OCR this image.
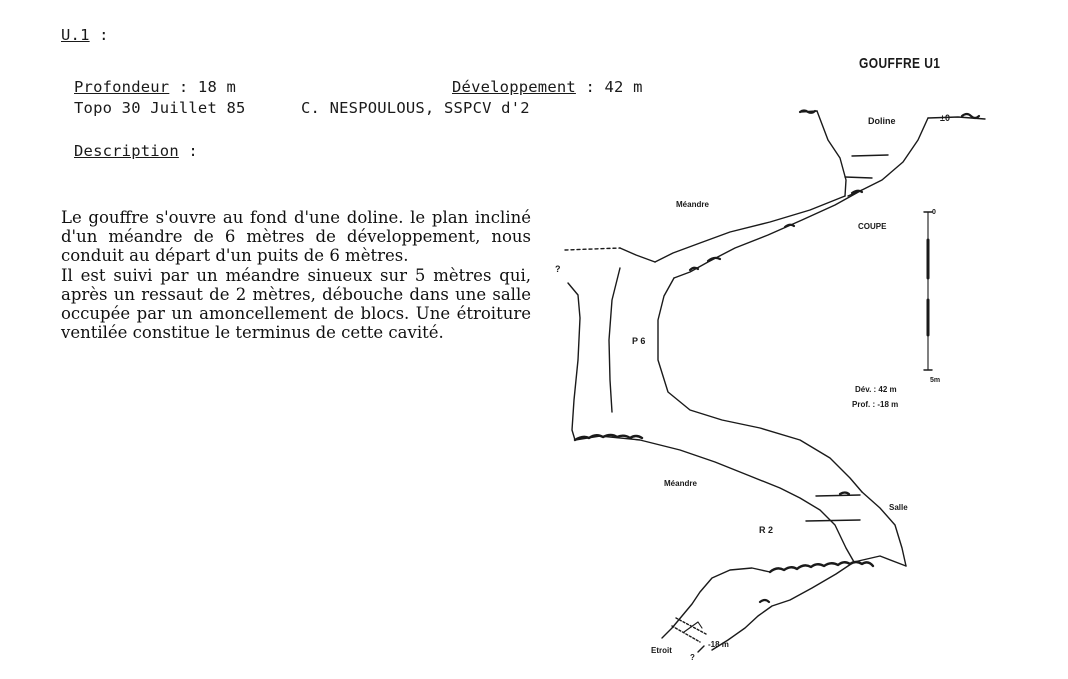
U.1 :
Profondeur : 18 m	Développement : 42 m
Topo 30 Juillet 85	C. NESPOULOUS, SSPCV d'2
Description :

Le gouffre s'ouvre au fond d'une doline. le plan incliné d'un méandre de 6 mètres de développement, nous conduit au départ d'un puits de 6 mètres.

Il est suivi par un méandre sinueux sur 5 mètres qui, après un ressaut de 2 mètres, débouche dans une salle occupée par un amoncellement de blocs. Une étroiture ventilée constitue le terminus de cette cavité.

GOUFFRE U1
Doline	±0
Méandre
COUPE
0
5m
?
P 6
Dév. : 42 m
Prof. : -18 m
Méandre
Salle
R 2
Etroit
?
-18 m
